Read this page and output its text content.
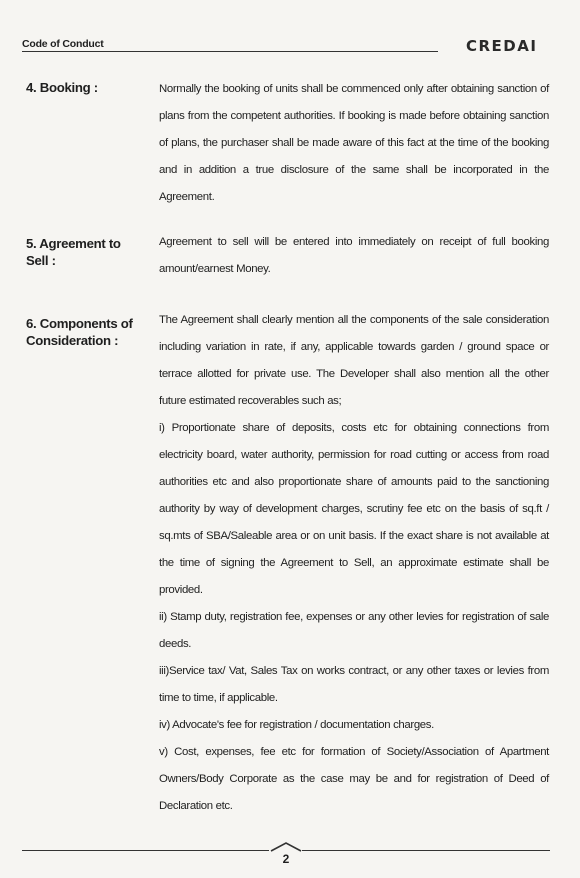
Code of Conduct	CREDAI
4. Booking :	Normally the booking of units shall be commenced only after obtaining sanction of plans from the competent authorities. If booking is made before obtaining sanction of plans, the purchaser shall be made aware of this fact at the time of the booking and in addition a true disclosure of the same shall be incorporated in the Agreement.

5. Agreement to Sell :

Agreement to sell will be entered into immediately on receipt of full booking amount/earnest Money.

6. Components of Consideration :

The Agreement shall clearly mention all the components of the sale consideration including variation in rate, if any, applicable towards garden / ground space or terrace allotted for private use. The Developer shall also mention all the other future estimated recoverables such as;

i) Proportionate share of deposits, costs etc for obtaining connections from electricity board, water authority, permission for road cutting or access from road authorities etc and also proportionate share of amounts paid to the sanctioning authority by way of development charges, scrutiny fee etc on the basis of sq.ft / sq.mts of SBA/Saleable area or on unit basis. If the exact share is not available at the time of signing the Agreement to Sell, an approximate estimate shall be provided.

ii) Stamp duty, registration fee, expenses or any other levies for registration of sale deeds.

iii)Service tax/ Vat, Sales Tax on works contract, or any other taxes or levies from time to time, if applicable.

iv) Advocate's fee for registration / documentation charges.

v) Cost, expenses, fee etc for formation of Society/Association of Apartment Owners/Body Corporate as the case may be and for registration of Deed of Declaration etc.

2
